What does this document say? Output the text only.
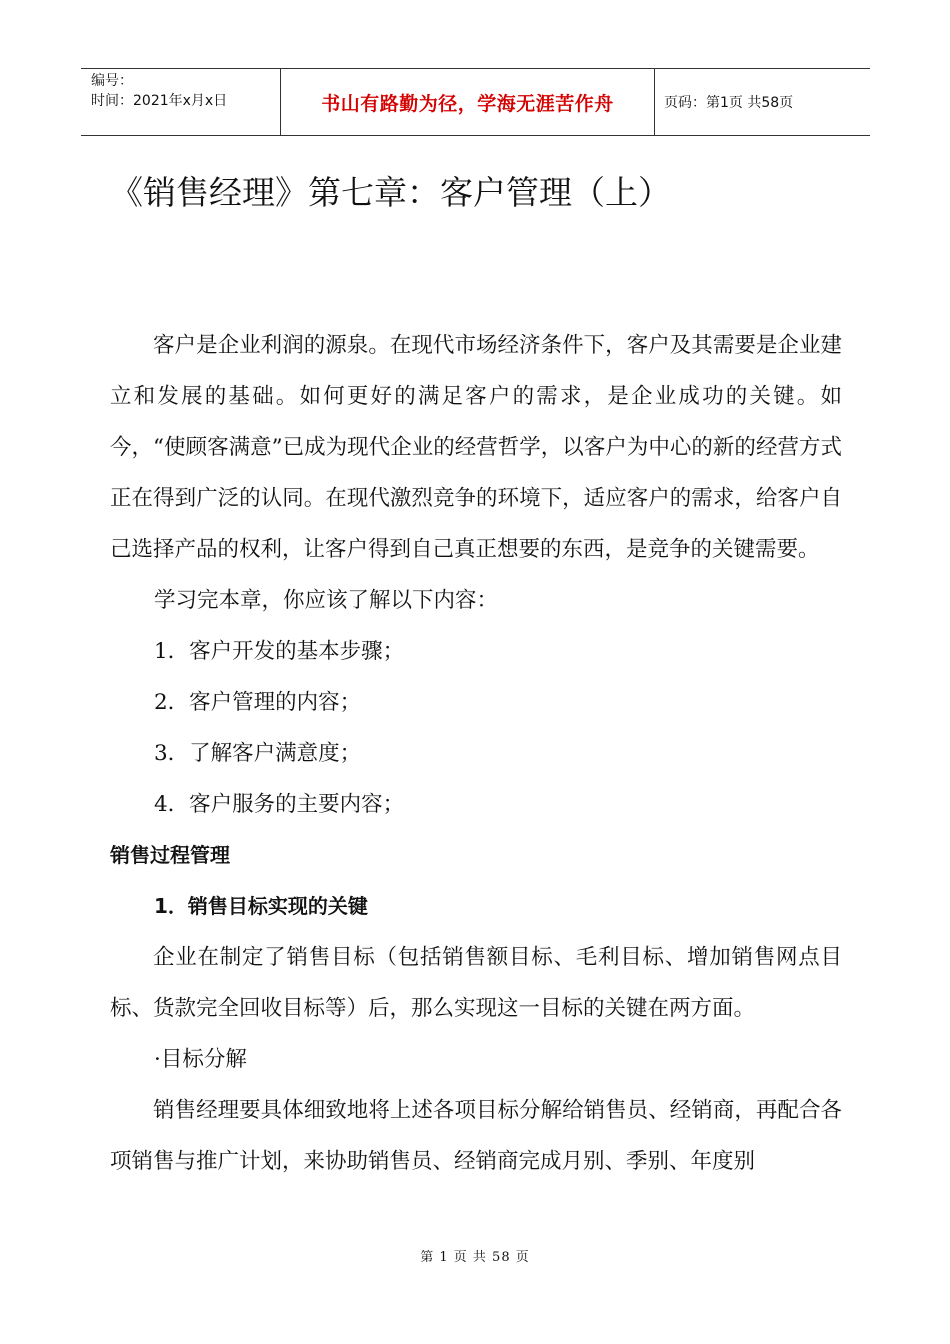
编号：
时间：2021年x月x日	书山有路勤为径，学海无涯苦作舟	页码：第1页 共58页
《销售经理》第七章：客户管理（上）

客户是企业利润的源泉。在现代市场经济条件下，客户及其需要是企业建立和发展的基础。如何更好的满足客户的需求，是企业成功的关键。如今，“使顾客满意”已成为现代企业的经营哲学，以客户为中心的新的经营方式正在得到广泛的认同。在现代激烈竞争的环境下，适应客户的需求，给客户自己选择产品的权利，让客户得到自己真正想要的东西，是竞争的关键需要。

学习完本章，你应该了解以下内容：

1．客户开发的基本步骤；

2．客户管理的内容；

3．了解客户满意度；

4．客户服务的主要内容；

销售过程管理

1．销售目标实现的关键

企业在制定了销售目标（包括销售额目标、毛利目标、增加销售网点目标、货款完全回收目标等）后，那么实现这一目标的关键在两方面。

·目标分解

销售经理要具体细致地将上述各项目标分解给销售员、经销商，再配合各项销售与推广计划，来协助销售员、经销商完成月别、季别、年度别

第 1 页 共 58 页
